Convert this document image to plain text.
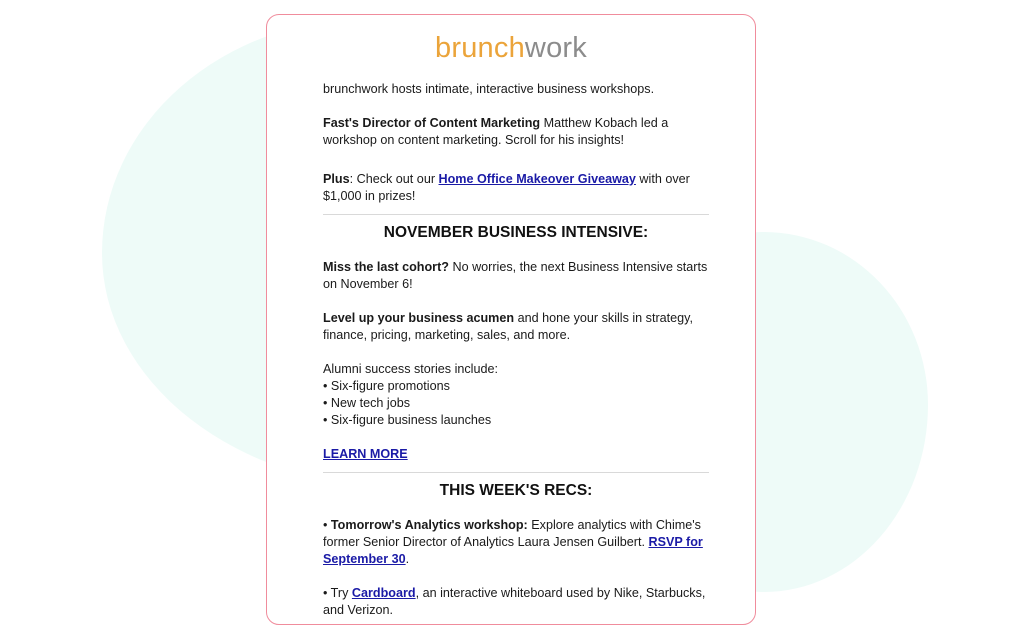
brunchwork

brunchwork hosts intimate, interactive business workshops.

Fast's Director of Content Marketing Matthew Kobach led a workshop on content marketing. Scroll for his insights!

Plus: Check out our Home Office Makeover Giveaway with over $1,000 in prizes!

NOVEMBER BUSINESS INTENSIVE:

Miss the last cohort? No worries, the next Business Intensive starts on November 6!

Level up your business acumen and hone your skills in strategy, finance, pricing, marketing, sales, and more.

Alumni success stories include:
• Six-figure promotions
• New tech jobs
• Six-figure business launches

LEARN MORE

THIS WEEK'S RECS:

• Tomorrow's Analytics workshop: Explore analytics with Chime's former Senior Director of Analytics Laura Jensen Guilbert. RSVP for September 30.

• Try Cardboard, an interactive whiteboard used by Nike, Starbucks, and Verizon.
